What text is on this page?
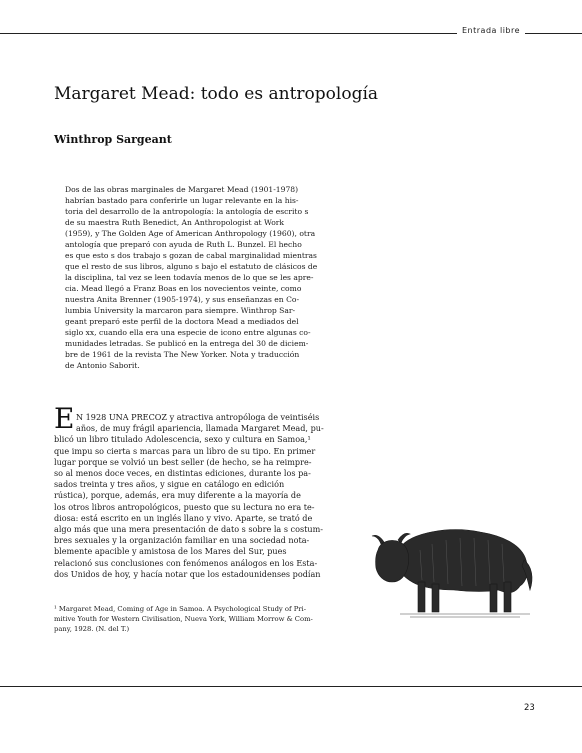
Entrada libre
Margaret Mead: todo es antropología
Winthrop Sargeant
Dos de las obras marginales de Margaret Mead (1901-1978)
habrían bastado para conferirle un lugar relevante en la his-
toria del desarrollo de la antropología: la antología de escrito s
de su maestra Ruth Benedict, An Anthropologist at Work
(1959), y The Golden Age of American Anthropology (1960), otra
antología que preparó con ayuda de Ruth L. Bunzel. El hecho
es que esto s dos trabajo s gozan de cabal marginalidad mientras
que el resto de sus libros, alguno s bajo el estatuto de clásicos de
la disciplina, tal vez se leen todavía menos de lo que se les apre-
cia. Mead llegó a Franz Boas en los novecientos veinte, como
nuestra Anita Brenner (1905-1974), y sus enseñanzas en Co-
lumbia University la marcaron para siempre. Winthrop Sar-
geant preparó este perfil de la doctora Mead a mediados del
siglo xx, cuando ella era una especie de icono entre algunas co-
munidades letradas. Se publicó en la entrega del 30 de diciem-
bre de 1961 de la revista The New Yorker. Nota y traducción
de Antonio Saborit.
E N 1928 UNA PRECOZ y atractiva antropóloga de veintiséis
años, de muy frágil apariencia, llamada Margaret Mead, pu-
blicó un libro titulado Adolescencia, sexo y cultura en Samoa,¹
que impu so cierta s marcas para un libro de su tipo. En primer
lugar porque se volvió un best seller (de hecho, se ha reimpre-
so al menos doce veces, en distintas ediciones, durante los pa-
sados treinta y tres años, y sigue en catálogo en edición
rústica), porque, además, era muy diferente a la mayoría de
los otros libros antropológicos, puesto que su lectura no era te-
diosa: está escrito en un inglés llano y vivo. Aparte, se trató de
algo más que una mera presentación de dato s sobre la s costum-
bres sexuales y la organización familiar en una sociedad nota-
blemente apacible y amistosa de los Mares del Sur, pues
relacionó sus conclusiones con fenómenos análogos en los Esta-
dos Unidos de hoy, y hacía notar que los estadounidenses podían
¹ Margaret Mead, Coming of Age in Samoa. A Psychological Study of Pri-
mitive Youth for Western Civilisation, Nueva York, William Morrow & Com-
pany, 1928. (N. del T.)
23
